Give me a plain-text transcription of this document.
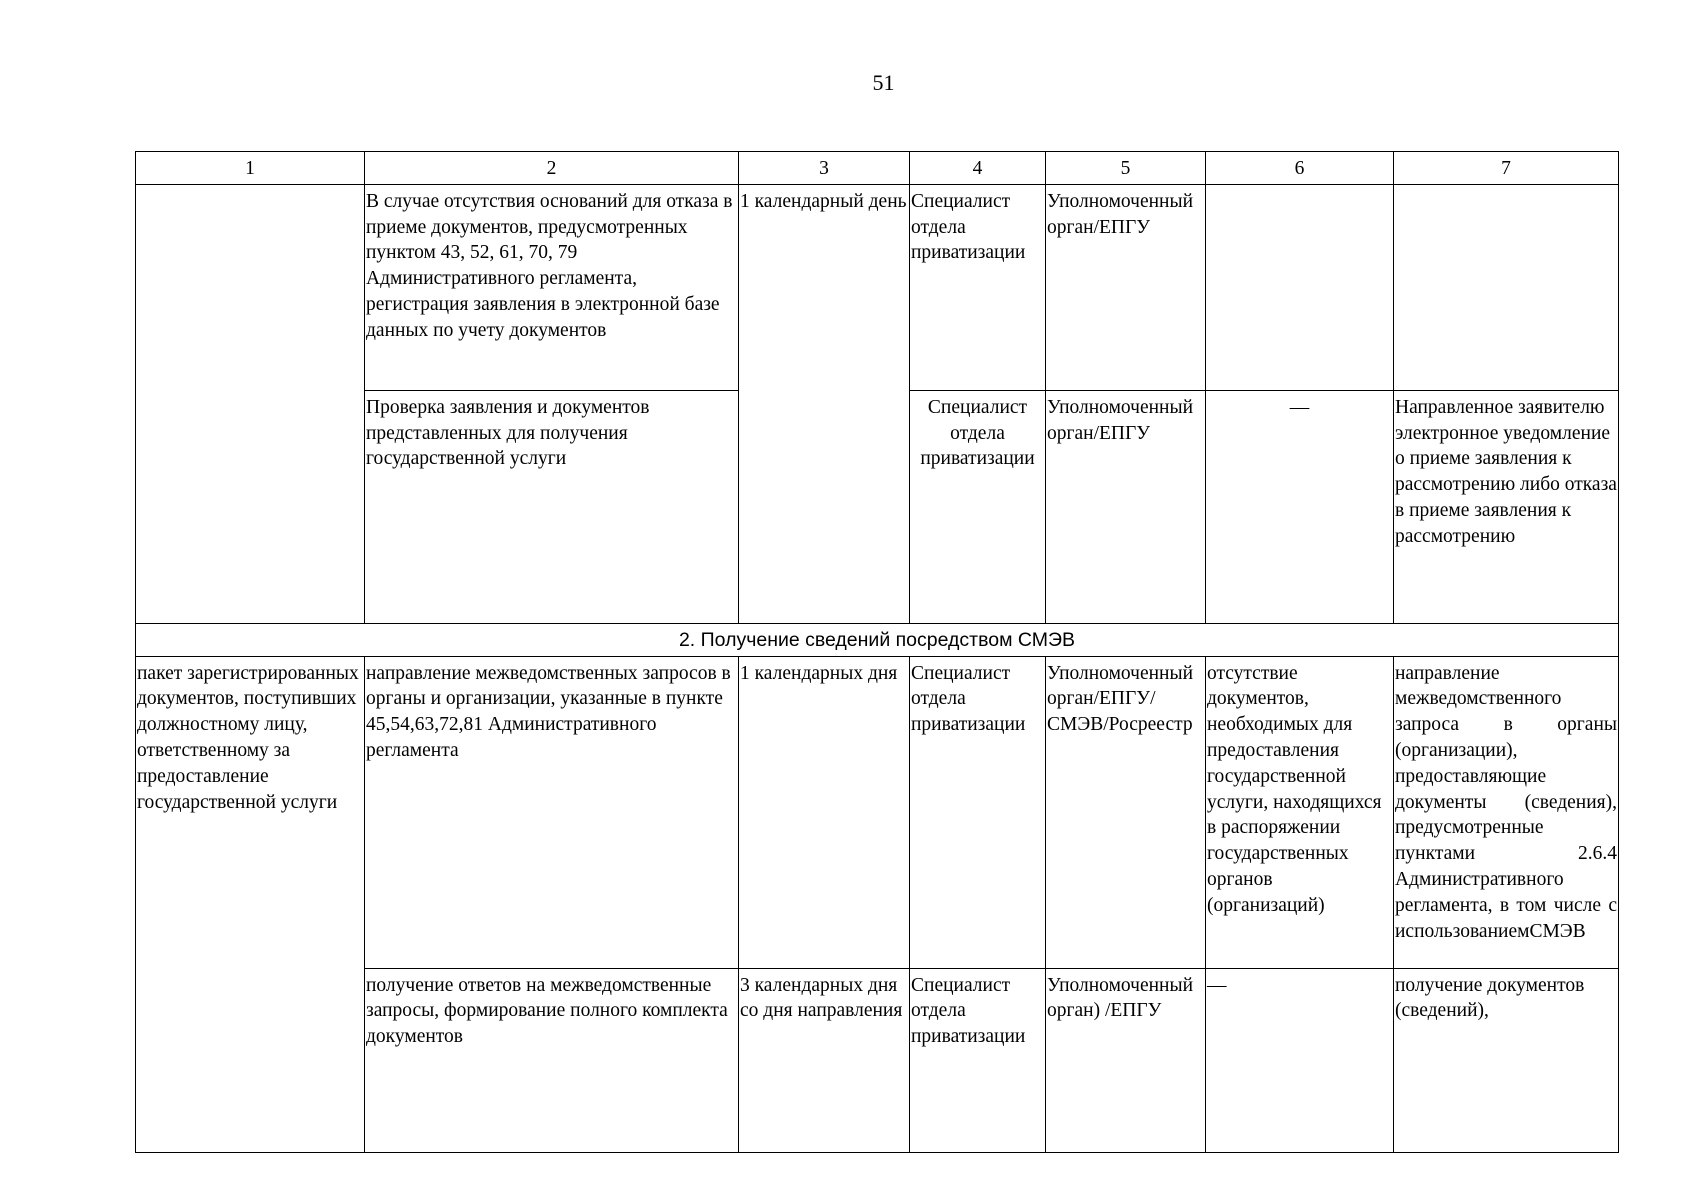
51
1	2	3	4	5	6	7
	В случае отсутствия оснований для отказа в приеме документов, предусмотренных пунктом 43, 52, 61, 70, 79 Административного регламента, регистрация заявления в электронной базе данных по учету документов	1 календарный день	Специалист отдела приватизации	Уполномоченный орган/ЕПГУ		
	Проверка заявления и документов представленных для получения государственной услуги		Специалист отдела приватизации	Уполномоченный орган/ЕПГУ	—	Направленное заявителю электронное уведомление о приеме заявления к рассмотрению либо отказа в приеме заявления к рассмотрению
2. Получение сведений посредством СМЭВ						
пакет зарегистрированных документов, поступивших должностному лицу, ответственному за предоставление государственной услуги	направление межведомственных запросов в органы и организации, указанные в пункте 45,54,63,72,81 Административного регламента	1 календарных дня	Специалист отдела приватизации	Уполномоченный орган/ЕПГУ/ СМЭВ/Росреестр	отсутствие документов, необходимых для предоставления государственной услуги, находящихся в распоряжении государственных органов (организаций)	направление межведомственного запроса в органы (организации), предоставляющие документы (сведения), предусмотренные пунктами 2.6.4 Административного регламента, в том числе с использованиемСМЭВ
	получение ответов на межведомственные запросы, формирование полного комплекта документов	3 календарных дня со дня направления	Специалист отдела приватизации	Уполномоченный орган) /ЕПГУ	—	получение документов (сведений),
